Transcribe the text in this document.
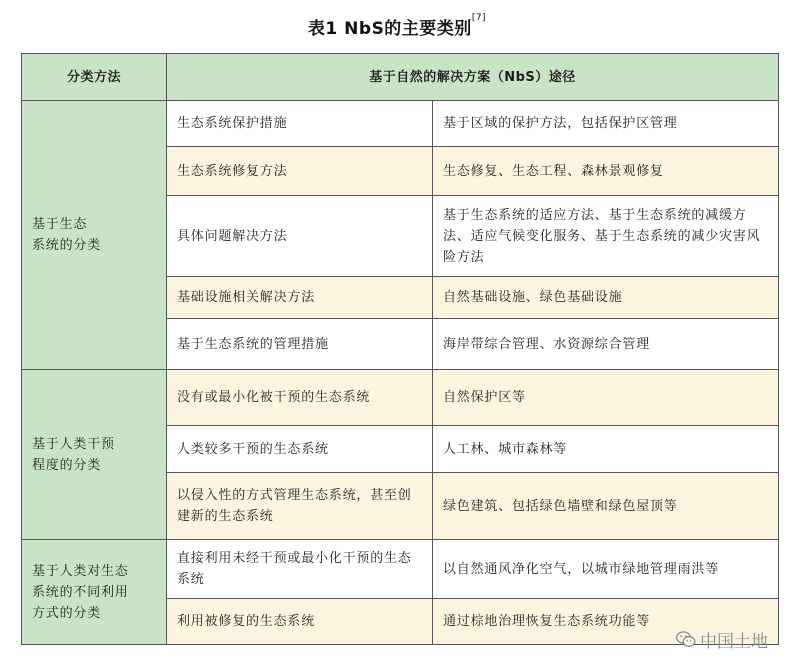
表1 NbS的主要类别[7]
分类方法	基于自然的解决方案（NbS）途径	
基于生态
系统的分类	生态系统保护措施	基于区域的保护方法，包括保护区管理
	生态系统修复方法	生态修复、生态工程、森林景观修复
	具体问题解决方法	基于生态系统的适应方法、基于生态系统的减缓方法、适应气候变化服务、基于生态系统的减少灾害风险方法
	基础设施相关解决方法	自然基础设施、绿色基础设施
	基于生态系统的管理措施	海岸带综合管理、水资源综合管理
基于人类干预
程度的分类	没有或最小化被干预的生态系统	自然保护区等
	人类较多干预的生态系统	人工林、城市森林等
	以侵入性的方式管理生态系统，甚至创建新的生态系统	绿色建筑、包括绿色墙壁和绿色屋顶等
基于人类对生态
系统的不同利用
方式的分类	直接利用未经干预或最小化干预的生态系统	以自然通风净化空气，以城市绿地管理雨洪等
	利用被修复的生态系统	通过棕地治理恢复生态系统功能等
中国土地
